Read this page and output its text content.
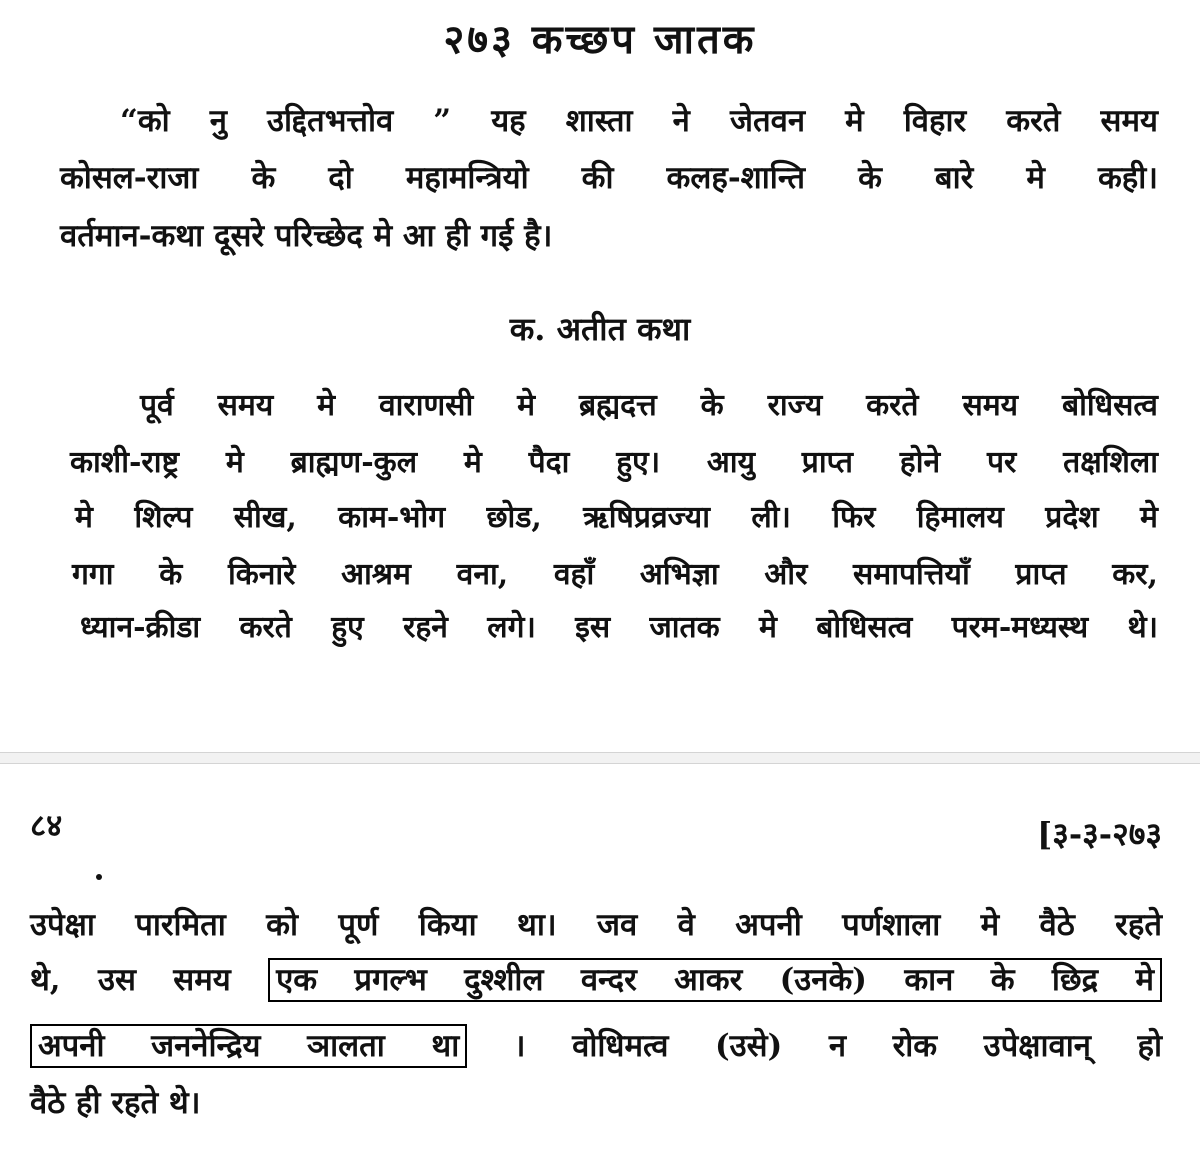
२७३ कच्छप जातक
“को नु उद्दितभत्तोव ” यह शास्ता ने जेतवन मे विहार करते समय
कोसल-राजा के दो महामन्त्रियो की कलह-शान्ति के बारे मे कही।
वर्तमान-कथा दूसरे परिच्छेद मे आ ही गई है।
क. अतीत कथा
पूर्व समय मे वाराणसी मे ब्रह्मदत्त के राज्य करते समय बोधिसत्व
काशी-राष्ट्र मे ब्राह्मण-कुल मे पैदा हुए। आयु प्राप्त होने पर तक्षशिला
मे शिल्प सीख, काम-भोग छोड, ऋषिप्रव्रज्या ली। फिर हिमालय प्रदेश मे
गगा के किनारे आश्रम वना, वहाँ अभिज्ञा और समापत्तियाँ प्राप्त कर,
ध्यान-क्रीडा करते हुए रहने लगे। इस जातक मे बोधिसत्व परम-मध्यस्थ थे।
८४	[३-३-२७३
उपेक्षा पारमिता को पूर्ण किया था। जव वे अपनी पर्णशाला मे वैठे रहते
थे, उस समय एक प्रगल्भ दुश्शील वन्दर आकर (उनके) कान के छिद्र मे
अपनी जननेन्द्रिय ञालता था । वोधिमत्व (उसे) न रोक उपेक्षावान् हो
वैठे ही रहते थे।
